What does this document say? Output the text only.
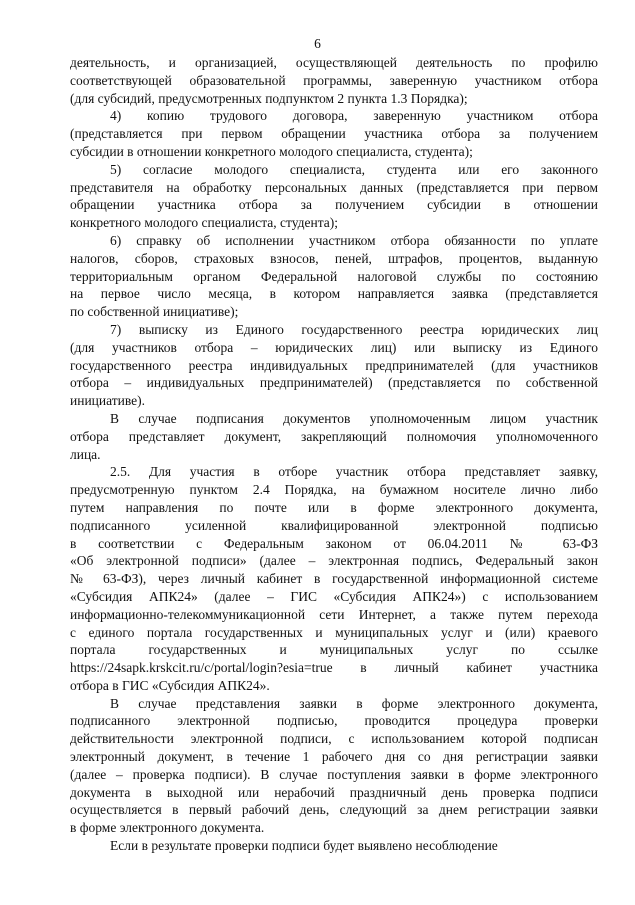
6
деятельность, и организацией, осуществляющей деятельность по профилю
соответствующей образовательной программы, заверенную участником отбора
(для субсидий, предусмотренных подпунктом 2 пункта 1.3 Порядка);
4) копию трудового договора, заверенную участником отбора
(представляется при первом обращении участника отбора за получением
субсидии в отношении конкретного молодого специалиста, студента);
5) согласие молодого специалиста, студента или его законного
представителя на обработку персональных данных (представляется при первом
обращении участника отбора за получением субсидии в отношении
конкретного молодого специалиста, студента);
6) справку об исполнении участником отбора обязанности по уплате
налогов, сборов, страховых взносов, пеней, штрафов, процентов, выданную
территориальным органом Федеральной налоговой службы по состоянию
на первое число месяца, в котором направляется заявка (представляется
по собственной инициативе);
7) выписку из Единого государственного реестра юридических лиц
(для участников отбора – юридических лиц) или выписку из Единого
государственного реестра индивидуальных предпринимателей (для участников
отбора – индивидуальных предпринимателей) (представляется по собственной
инициативе).
В случае подписания документов уполномоченным лицом участник
отбора представляет документ, закрепляющий полномочия уполномоченного
лица.
2.5. Для участия в отборе участник отбора представляет заявку,
предусмотренную пунктом 2.4 Порядка, на бумажном носителе лично либо
путем направления по почте или в форме электронного документа,
подписанного усиленной квалифицированной электронной подписью
в соответствии с Федеральным законом от 06.04.2011 № 63-ФЗ
«Об электронной подписи» (далее – электронная подпись, Федеральный закон
№ 63-ФЗ), через личный кабинет в государственной информационной системе
«Субсидия АПК24» (далее – ГИС «Субсидия АПК24») с использованием
информационно-телекоммуникационной сети Интернет, а также путем перехода
с единого портала государственных и муниципальных услуг и (или) краевого
портала государственных и муниципальных услуг по ссылке
https://24sapk.krskcit.ru/c/portal/login?esia=true в личный кабинет участника
отбора в ГИС «Субсидия АПК24».
В случае представления заявки в форме электронного документа,
подписанного электронной подписью, проводится процедура проверки
действительности электронной подписи, с использованием которой подписан
электронный документ, в течение 1 рабочего дня со дня регистрации заявки
(далее – проверка подписи). В случае поступления заявки в форме электронного
документа в выходной или нерабочий праздничный день проверка подписи
осуществляется в первый рабочий день, следующий за днем регистрации заявки
в форме электронного документа.
Если в результате проверки подписи будет выявлено несоблюдение
